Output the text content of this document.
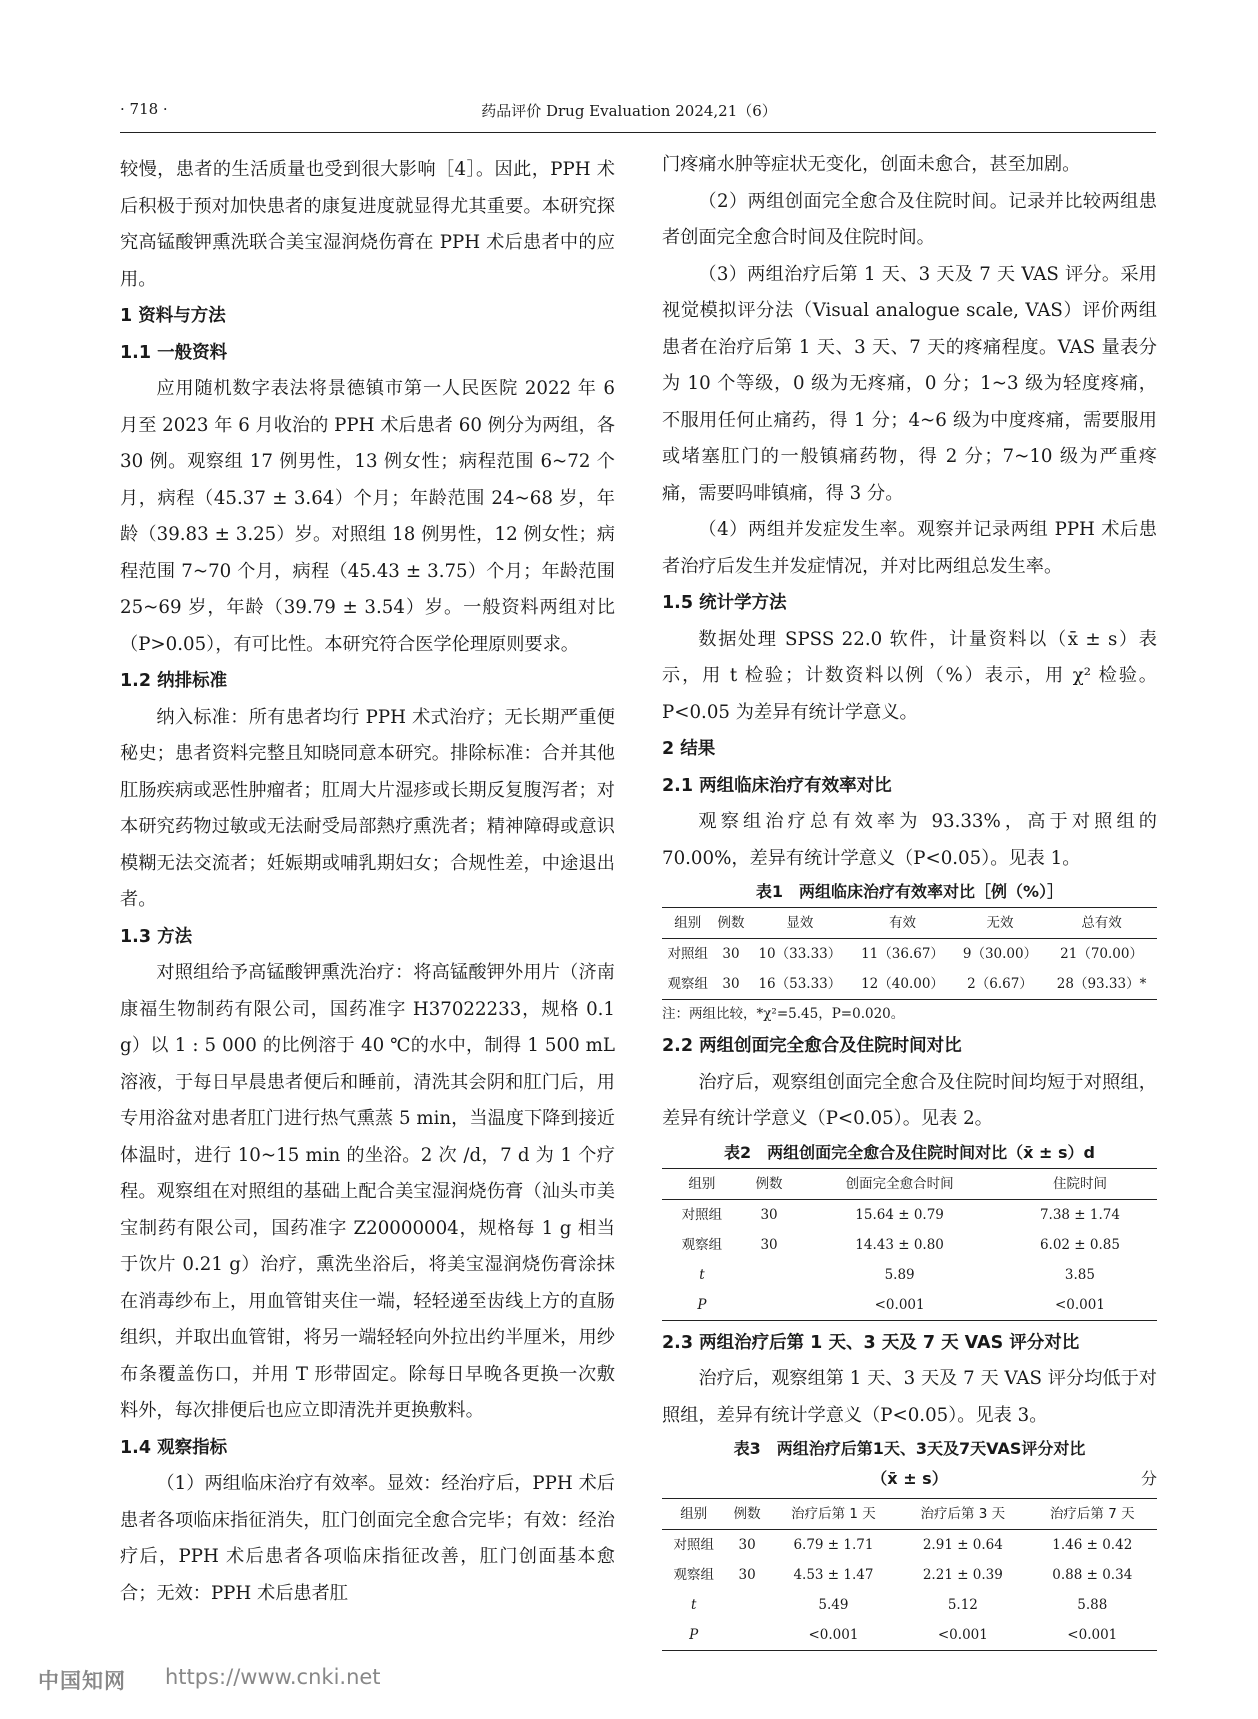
· 718 ·	药品评价 Drug Evaluation 2024,21（6）

较慢，患者的生活质量也受到很大影响［4］。因此，PPH 术后积极于预对加快患者的康复进度就显得尤其重要。本研究探究高锰酸钾熏洗联合美宝湿润烧伤膏在 PPH 术后患者中的应用。

1 资料与方法

1.1 一般资料

应用随机数字表法将景德镇市第一人民医院 2022 年 6 月至 2023 年 6 月收治的 PPH 术后患者 60 例分为两组，各 30 例。观察组 17 例男性，13 例女性；病程范围 6~72 个月，病程（45.37 ± 3.64）个月；年龄范围 24~68 岁，年龄（39.83 ± 3.25）岁。对照组 18 例男性，12 例女性；病程范围 7~70 个月，病程（45.43 ± 3.75）个月；年龄范围 25~69 岁，年龄（39.79 ± 3.54）岁。一般资料两组对比（P>0.05），有可比性。本研究符合医学伦理原则要求。

1.2 纳排标准

纳入标准：所有患者均行 PPH 术式治疗；无长期严重便秘史；患者资料完整且知晓同意本研究。排除标准：合并其他肛肠疾病或恶性肿瘤者；肛周大片湿疹或长期反复腹泻者；对本研究药物过敏或无法耐受局部熱疗熏洗者；精神障碍或意识模糊无法交流者；妊娠期或哺乳期妇女；合规性差，中途退出者。

1.3 方法

对照组给予高锰酸钾熏洗治疗：将高锰酸钾外用片（济南康福生物制药有限公司，国药准字 H37022233，规格 0.1 g）以 1 : 5 000 的比例溶于 40 ℃的水中，制得 1 500 mL 溶液，于每日早晨患者便后和睡前，清洗其会阴和肛门后，用专用浴盆对患者肛门进行热气熏蒸 5 min，当温度下降到接近体温时，进行 10~15 min 的坐浴。2 次 /d，7 d 为 1 个疗程。观察组在对照组的基础上配合美宝湿润烧伤膏（汕头市美宝制药有限公司，国药准字 Z20000004，规格每 1 g 相当于饮片 0.21 g）治疗，熏洗坐浴后，将美宝湿润烧伤膏涂抹在消毒纱布上，用血管钳夹住一端，轻轻递至齿线上方的直肠组织，并取出血管钳，将另一端轻轻向外拉出约半厘米，用纱布条覆盖伤口，并用 T 形带固定。除每日早晚各更换一次敷料外，每次排便后也应立即清洗并更换敷料。

1.4 观察指标

（1）两组临床治疗有效率。显效：经治疗后，PPH 术后患者各项临床指征消失，肛门创面完全愈合完毕；有效：经治疗后，PPH 术后患者各项临床指征改善，肛门创面基本愈合；无效：PPH 术后患者肛

门疼痛水肿等症状无变化，创面未愈合，甚至加剧。

（2）两组创面完全愈合及住院时间。记录并比较两组患者创面完全愈合时间及住院时间。

（3）两组治疗后第 1 天、3 天及 7 天 VAS 评分。采用视觉模拟评分法（Visual analogue scale, VAS）评价两组患者在治疗后第 1 天、3 天、7 天的疼痛程度。VAS 量表分为 10 个等级，0 级为无疼痛，0 分；1~3 级为轻度疼痛，不服用任何止痛药，得 1 分；4~6 级为中度疼痛，需要服用或堵塞肛门的一般镇痛药物，得 2 分；7~10 级为严重疼痛，需要吗啡镇痛，得 3 分。

（4）两组并发症发生率。观察并记录两组 PPH 术后患者治疗后发生并发症情况，并对比两组总发生率。

1.5 统计学方法

数据处理 SPSS 22.0 软件，计量资料以（x̄ ± s）表示，用 t 检验；计数资料以例（%）表示，用 χ² 检验。P<0.05 为差异有统计学意义。

2 结果

2.1 两组临床治疗有效率对比

观察组治疗总有效率为 93.33%，高于对照组的 70.00%，差异有统计学意义（P<0.05）。见表 1。

表1　两组临床治疗有效率对比［例（%）］
组别	例数	显效	有效	无效	总有效
对照组	30	10（33.33）	11（36.67）	9（30.00）	21（70.00）
观察组	30	16（53.33）	12（40.00）	2（6.67）	28（93.33）*
注：两组比较，*χ²=5.45，P=0.020。

2.2 两组创面完全愈合及住院时间对比

治疗后，观察组创面完全愈合及住院时间均短于对照组，差异有统计学意义（P<0.05）。见表 2。

表2　两组创面完全愈合及住院时间对比（x̄ ± s）d
组别	例数	创面完全愈合时间	住院时间
对照组	30	15.64 ± 0.79	7.38 ± 1.74
观察组	30	14.43 ± 0.80	6.02 ± 0.85
t		5.89	3.85
P		<0.001	<0.001

2.3 两组治疗后第 1 天、3 天及 7 天 VAS 评分对比

治疗后，观察组第 1 天、3 天及 7 天 VAS 评分均低于对照组，差异有统计学意义（P<0.05）。见表 3。

表3　两组治疗后第1天、3天及7天VAS评分对比
（x̄ ± s）	分
组别	例数	治疗后第 1 天	治疗后第 3 天	治疗后第 7 天
对照组	30	6.79 ± 1.71	2.91 ± 0.64	1.46 ± 0.42
观察组	30	4.53 ± 1.47	2.21 ± 0.39	0.88 ± 0.34
t		5.49	5.12	5.88
P		<0.001	<0.001	<0.001
中国知网 https://www.cnki.net
